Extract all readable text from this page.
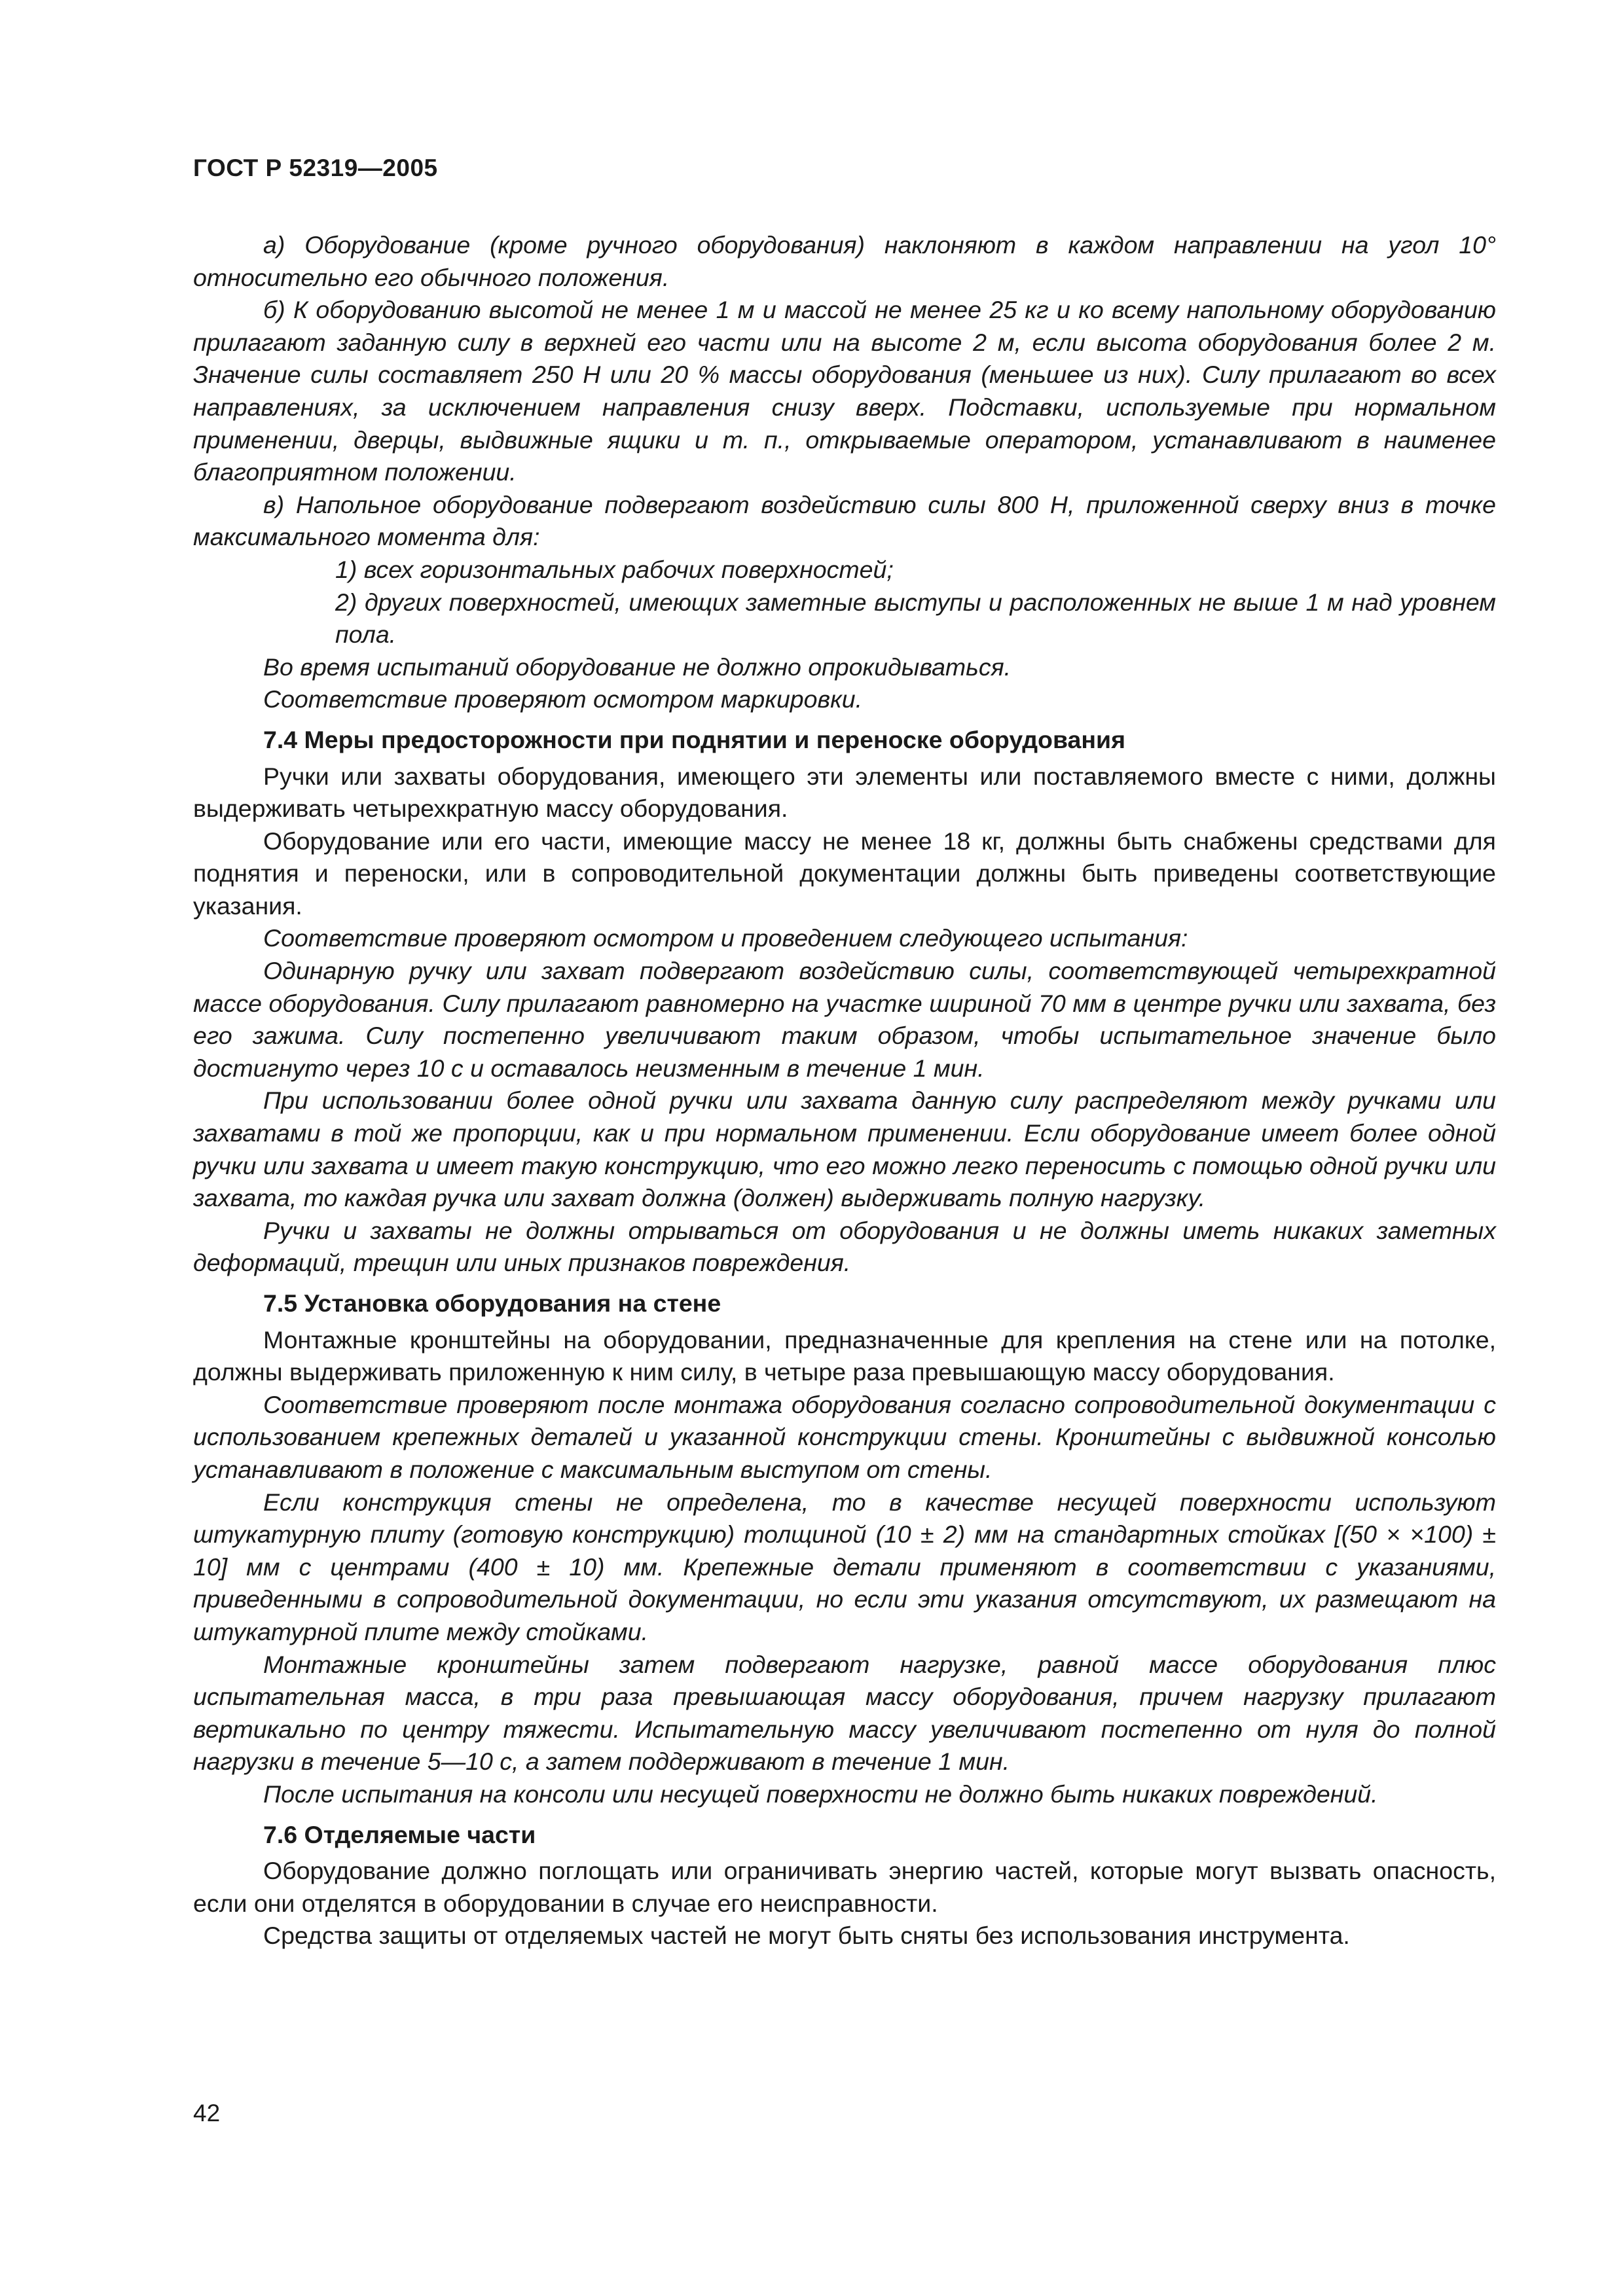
ГОСТ Р 52319—2005

а) Оборудование (кроме ручного оборудования) наклоняют в каждом направлении на угол 10° относительно его обычного положения.

б) К оборудованию высотой не менее 1 м и массой не менее 25 кг и ко всему напольному оборудованию прилагают заданную силу в верхней его части или на высоте 2 м, если высота оборудования более 2 м. Значение силы составляет 250 Н или 20 % массы оборудования (меньшее из них). Силу прилагают во всех направлениях, за исключением направления снизу вверх. Подставки, используемые при нормальном применении, дверцы, выдвижные ящики и т. п., открываемые оператором, устанавливают в наименее благоприятном положении.

в) Напольное оборудование подвергают воздействию силы 800 Н, приложенной сверху вниз в точке максимального момента для:

1) всех горизонтальных рабочих поверхностей;

2) других поверхностей, имеющих заметные выступы и расположенных не выше 1 м над уровнем пола.

Во время испытаний оборудование не должно опрокидываться.

Соответствие проверяют осмотром маркировки.

7.4 Меры предосторожности при поднятии и переноске оборудования

Ручки или захваты оборудования, имеющего эти элементы или поставляемого вместе с ними, должны выдерживать четырехкратную массу оборудования.

Оборудование или его части, имеющие массу не менее 18 кг, должны быть снабжены средствами для поднятия и переноски, или в сопроводительной документации должны быть приведены соответствующие указания.

Соответствие проверяют осмотром и проведением следующего испытания:

Одинарную ручку или захват подвергают воздействию силы, соответствующей четырехкратной массе оборудования. Силу прилагают равномерно на участке шириной 70 мм в центре ручки или захвата, без его зажима. Силу постепенно увеличивают таким образом, чтобы испытательное значение было достигнуто через 10 с и оставалось неизменным в течение 1 мин.

При использовании более одной ручки или захвата данную силу распределяют между ручками или захватами в той же пропорции, как и при нормальном применении. Если оборудование имеет более одной ручки или захвата и имеет такую конструкцию, что его можно легко переносить с помощью одной ручки или захвата, то каждая ручка или захват должна (должен) выдерживать полную нагрузку.

Ручки и захваты не должны отрываться от оборудования и не должны иметь никаких заметных деформаций, трещин или иных признаков повреждения.

7.5 Установка оборудования на стене

Монтажные кронштейны на оборудовании, предназначенные для крепления на стене или на потолке, должны выдерживать приложенную к ним силу, в четыре раза превышающую массу оборудования.

Соответствие проверяют после монтажа оборудования согласно сопроводительной документации с использованием крепежных деталей и указанной конструкции стены. Кронштейны с выдвижной консолью устанавливают в положение с максимальным выступом от стены.

Если конструкция стены не определена, то в качестве несущей поверхности используют штукатурную плиту (готовую конструкцию) толщиной (10 ± 2) мм на стандартных стойках [(50 × ×100) ± 10] мм с центрами (400 ± 10) мм. Крепежные детали применяют в соответствии с указаниями, приведенными в сопроводительной документации, но если эти указания отсутствуют, их размещают на штукатурной плите между стойками.

Монтажные кронштейны затем подвергают нагрузке, равной массе оборудования плюс испытательная масса, в три раза превышающая массу оборудования, причем нагрузку прилагают вертикально по центру тяжести. Испытательную массу увеличивают постепенно от нуля до полной нагрузки в течение 5—10 с, а затем поддерживают в течение 1 мин.

После испытания на консоли или несущей поверхности не должно быть никаких повреждений.

7.6 Отделяемые части

Оборудование должно поглощать или ограничивать энергию частей, которые могут вызвать опасность, если они отделятся в оборудовании в случае его неисправности.

Средства защиты от отделяемых частей не могут быть сняты без использования инструмента.

42
